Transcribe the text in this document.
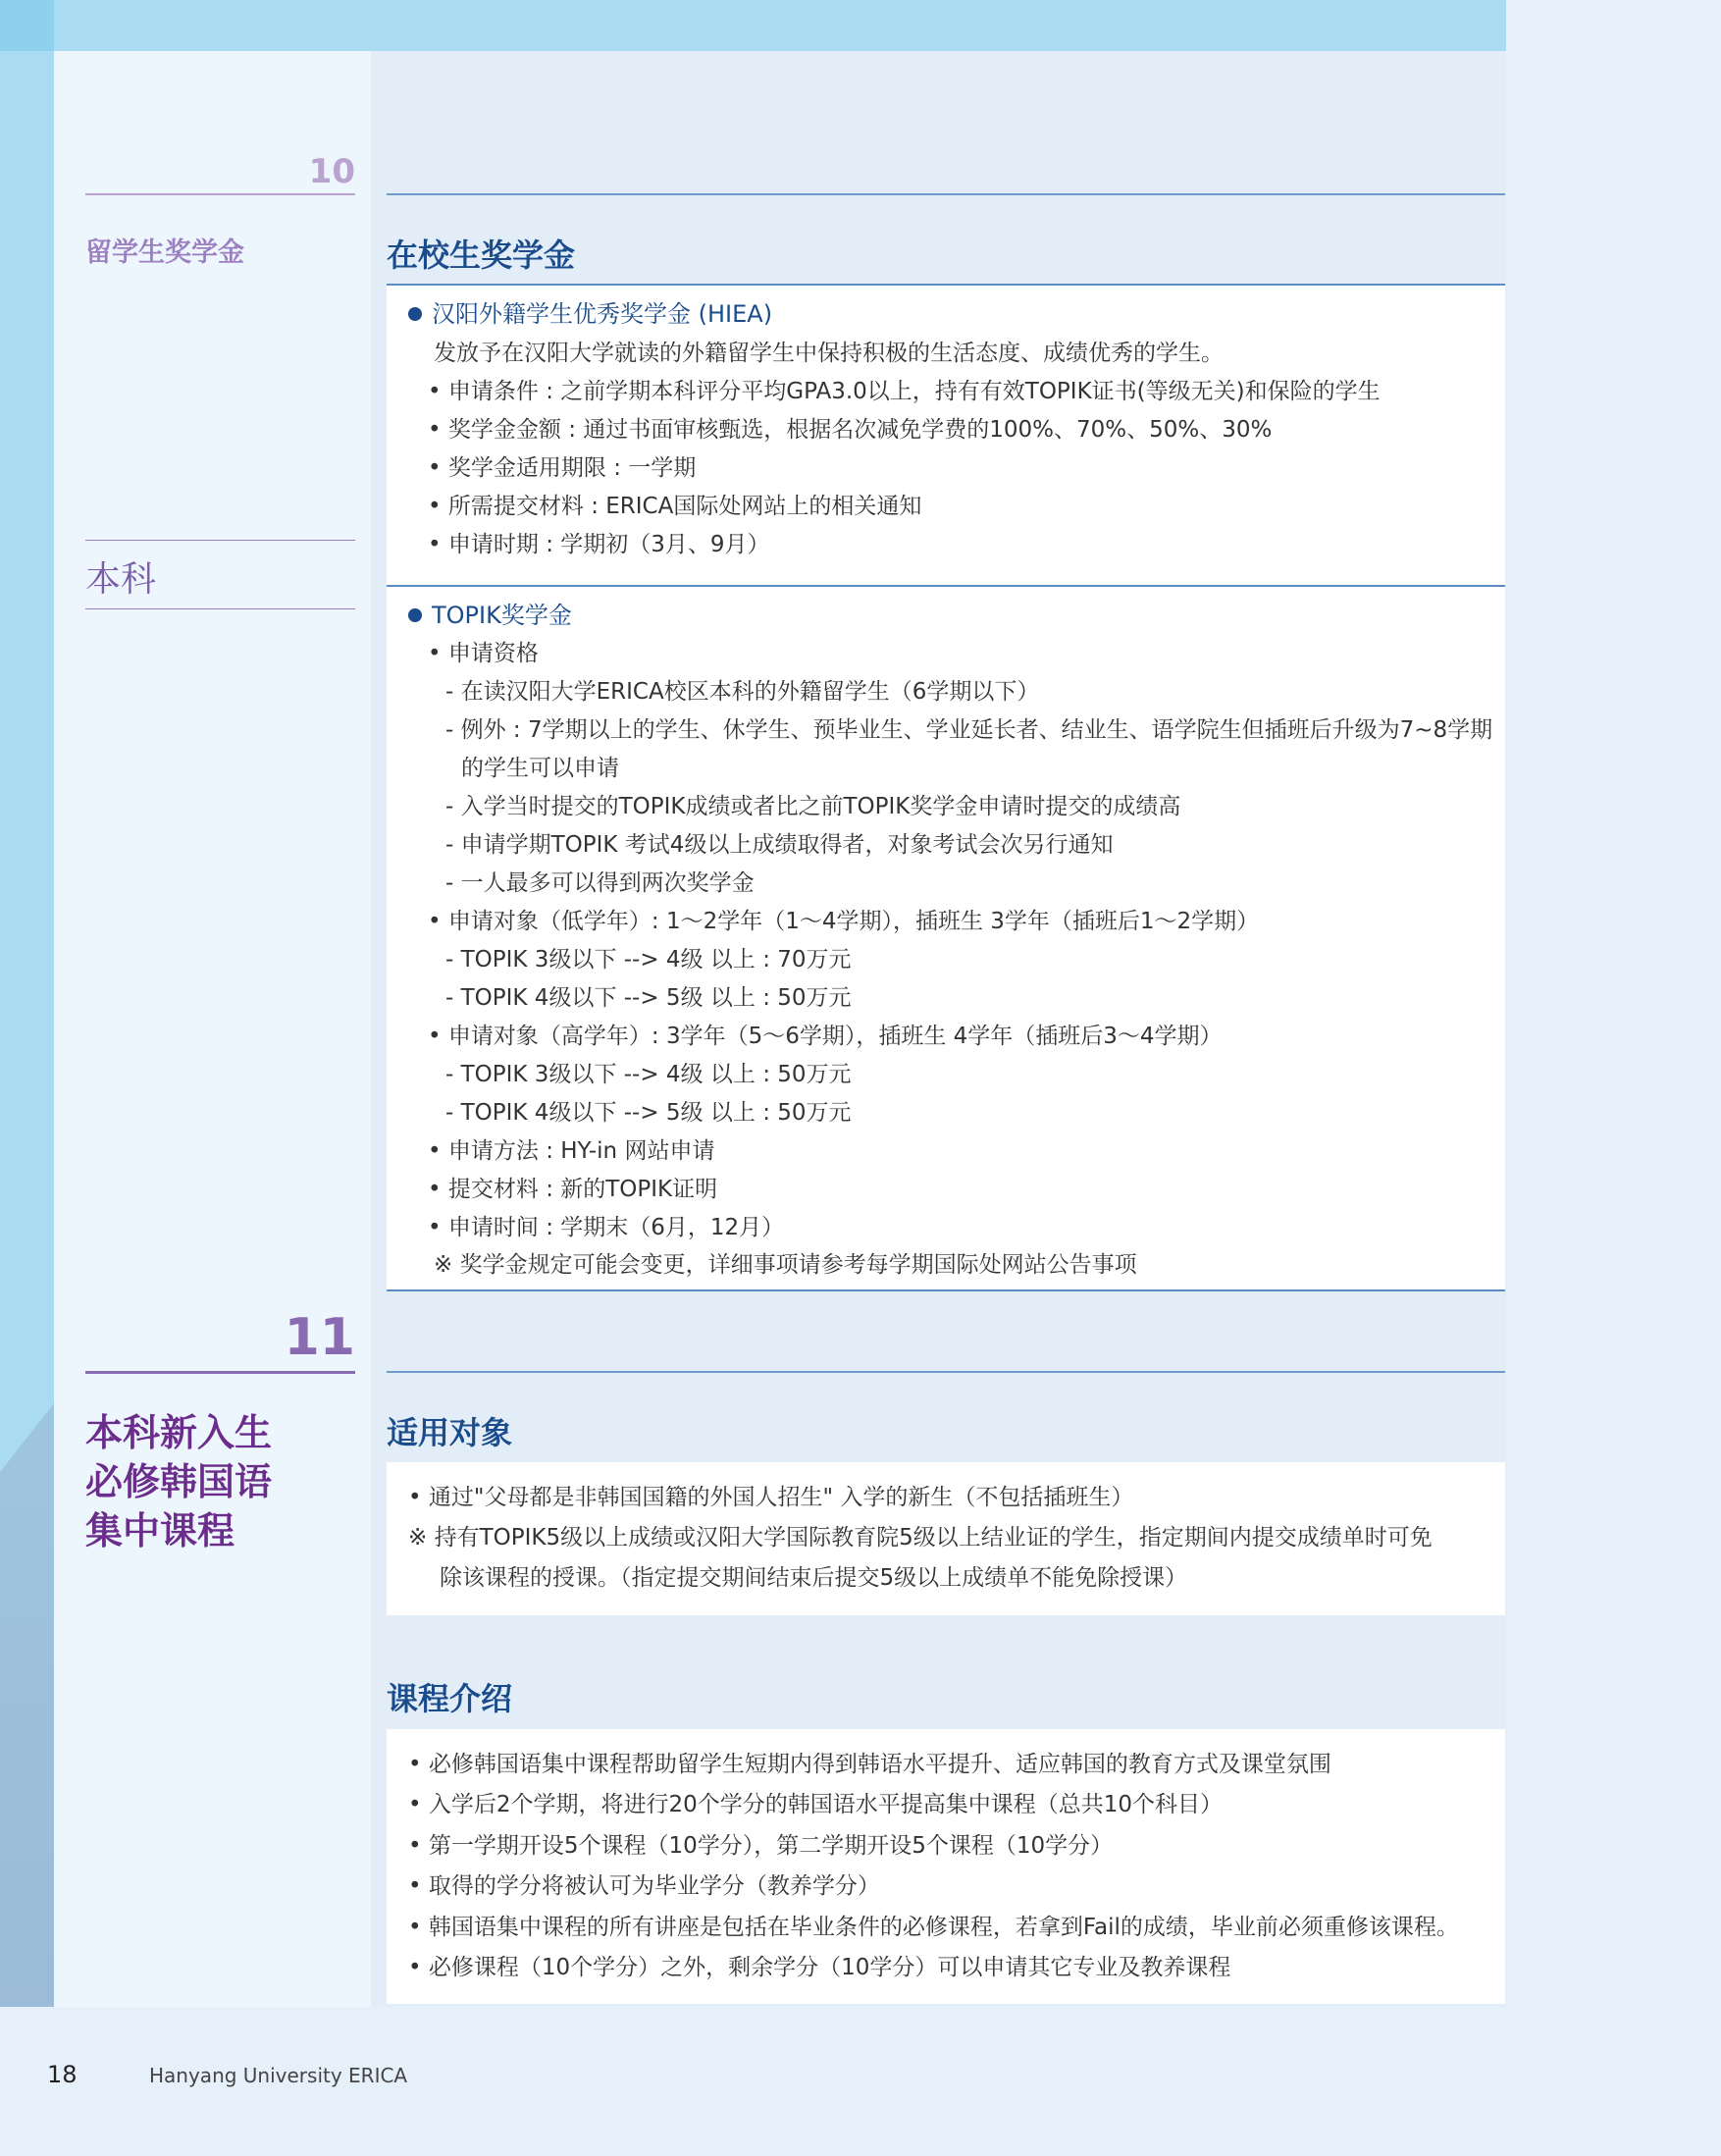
10
留学生奖学金
本科
在校生奖学金
汉阳外籍学生优秀奖学金 (HIEA)
发放予在汉阳大学就读的外籍留学生中保持积极的生活态度、成绩优秀的学生。
• 申请条件 : 之前学期本科评分平均GPA3.0以上，持有有效TOPIK证书(等级无关)和保险的学生
• 奖学金金额 : 通过书面审核甄选，根据名次减免学费的100%、70%、50%、30%
• 奖学金适用期限 : 一学期
• 所需提交材料 : ERICA国际处网站上的相关通知
• 申请时期 : 学期初（3月、9月）
TOPIK奖学金
• 申请资格
- 在读汉阳大学ERICA校区本科的外籍留学生（6学期以下）
- 例外 : 7学期以上的学生、休学生、预毕业生、学业延长者、结业生、语学院生但插班后升级为7~8学期
的学生可以申请
- 入学当时提交的TOPIK成绩或者比之前TOPIK奖学金申请时提交的成绩高
- 申请学期TOPIK 考试4级以上成绩取得者，对象考试会次另行通知
- 一人最多可以得到两次奖学金
• 申请对象（低学年）: 1～2学年（1～4学期），插班生 3学年（插班后1～2学期）
- TOPIK 3级以下 --> 4级 以上 : 70万元
- TOPIK 4级以下 --> 5级 以上 : 50万元
• 申请对象（高学年）: 3学年（5～6学期），插班生 4学年（插班后3～4学期）
- TOPIK 3级以下 --> 4级 以上 : 50万元
- TOPIK 4级以下 --> 5级 以上 : 50万元
• 申请方法 : HY-in 网站申请
• 提交材料 : 新的TOPIK证明
• 申请时间 : 学期末（6月，12月）
※ 奖学金规定可能会变更，详细事项请参考每学期国际处网站公告事项
11
本科新入生
必修韩国语
集中课程
适用对象
• 通过"父母都是非韩国国籍的外国人招生" 入学的新生（不包括插班生）
※ 持有TOPIK5级以上成绩或汉阳大学国际教育院5级以上结业证的学生，指定期间内提交成绩单时可免
除该课程的授课。（指定提交期间结束后提交5级以上成绩单不能免除授课）
课程介绍
• 必修韩国语集中课程帮助留学生短期内得到韩语水平提升、适应韩国的教育方式及课堂氛围
• 入学后2个学期，将进行20个学分的韩国语水平提高集中课程（总共10个科目）
• 第一学期开设5个课程（10学分），第二学期开设5个课程（10学分）
• 取得的学分将被认可为毕业学分（教养学分）
• 韩国语集中课程的所有讲座是包括在毕业条件的必修课程，若拿到Fail的成绩，毕业前必须重修该课程。
• 必修课程（10个学分）之外，剩余学分（10学分）可以申请其它专业及教养课程
18	Hanyang University ERICA
